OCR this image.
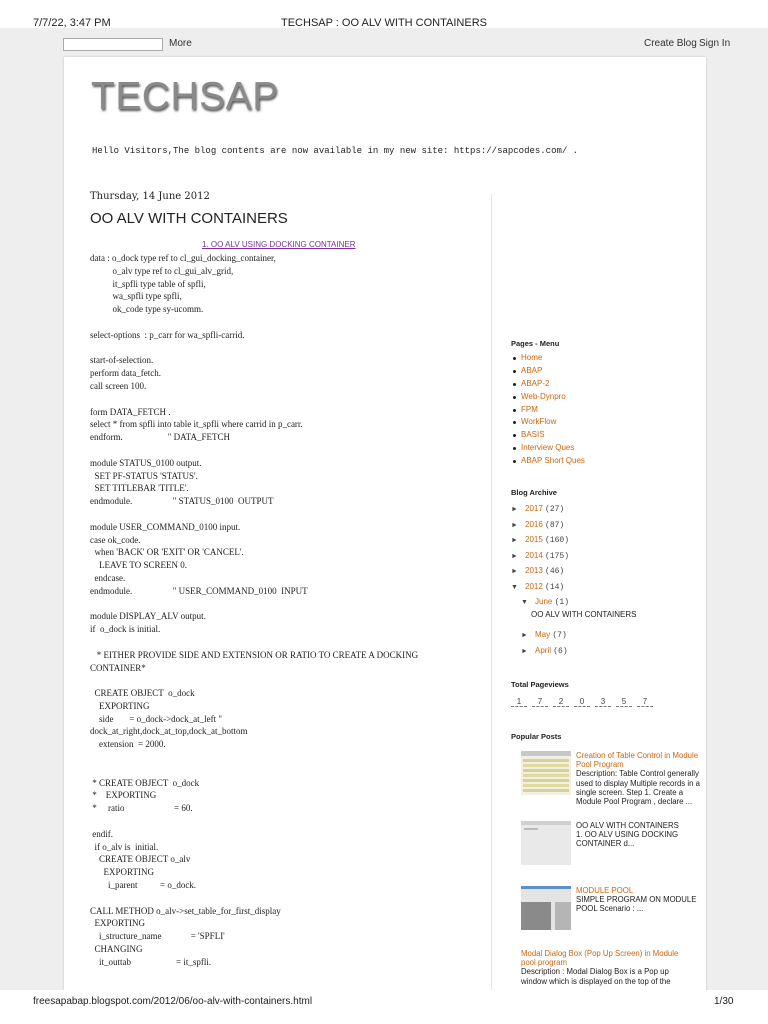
7/7/22, 3:47 PM	TECHSAP : OO ALV WITH CONTAINERS
More	Create Blog Sign In
TECHSAP
Hello Visitors,The blog contents are now available in my new site: https://sapcodes.com/ .
Thursday, 14 June 2012
OO ALV WITH CONTAINERS
1. OO ALV USING DOCKING CONTAINER
data : o_dock type ref to cl_gui_docking_container,
o_alv type ref to cl_gui_alv_grid,
it_spfli type table of spfli,
wa_spfli type spfli,
ok_code type sy-ucomm.

select-options  : p_carr for wa_spfli-carrid.

start-of-selection.
perform data_fetch.
call screen 100.

form DATA_FETCH .
select * from spfli into table it_spfli where carrid in p_carr.
endform.                    " DATA_FETCH

module STATUS_0100 output.
SET PF-STATUS 'STATUS'.
SET TITLEBAR 'TITLE'.
endmodule.                  " STATUS_0100  OUTPUT

module USER_COMMAND_0100 input.
case ok_code.
when 'BACK' OR 'EXIT' OR 'CANCEL'.
LEAVE TO SCREEN 0.
endcase.
endmodule.                  " USER_COMMAND_0100  INPUT

module DISPLAY_ALV output.
if  o_dock is initial.

* EITHER PROVIDE SIDE AND EXTENSION OR RATIO TO CREATE A DOCKING
CONTAINER*

CREATE OBJECT  o_dock
EXPORTING
side       = o_dock->dock_at_left "
dock_at_right,dock_at_top,dock_at_bottom
extension  = 2000.

* CREATE OBJECT  o_dock
*    EXPORTING
*     ratio                      = 60.

endif.
if o_alv is  initial.
CREATE OBJECT o_alv
EXPORTING
i_parent          = o_dock.

CALL METHOD o_alv->set_table_for_first_display
EXPORTING
i_structure_name             = 'SPFLI'
CHANGING
it_outtab                    = it_spfli.
Pages - Menu
Home
ABAP
ABAP-2
Web-Dynpro
FPM
WorkFlow
BASIS
Interview Ques
ABAP Short Ques
Blog Archive
► 2017 (27)
► 2016 (87)
► 2015 (160)
► 2014 (175)
► 2013 (46)
▼ 2012 (14)
▼ June (1)
OO ALV WITH CONTAINERS
► May (7)
► April (6)
Total Pageviews
1 7 2 0 3 5 7
Popular Posts
Creation of Table Control in Module Pool Program
Description: Table Control generally used to display Multiple records in a single screen. Step 1. Create a Module Pool Program , declare ...
OO ALV WITH CONTAINERS
1. OO ALV USING DOCKING CONTAINER d...
MODULE POOL
SIMPLE PROGRAM ON MODULE POOL Scenario : ...
Modal Dialog Box (Pop Up Screen) in Module pool program
Description : Modal Dialog Box is a Pop up window which is displayed on the top of the
freesapabap.blogspot.com/2012/06/oo-alv-with-containers.html	1/30
